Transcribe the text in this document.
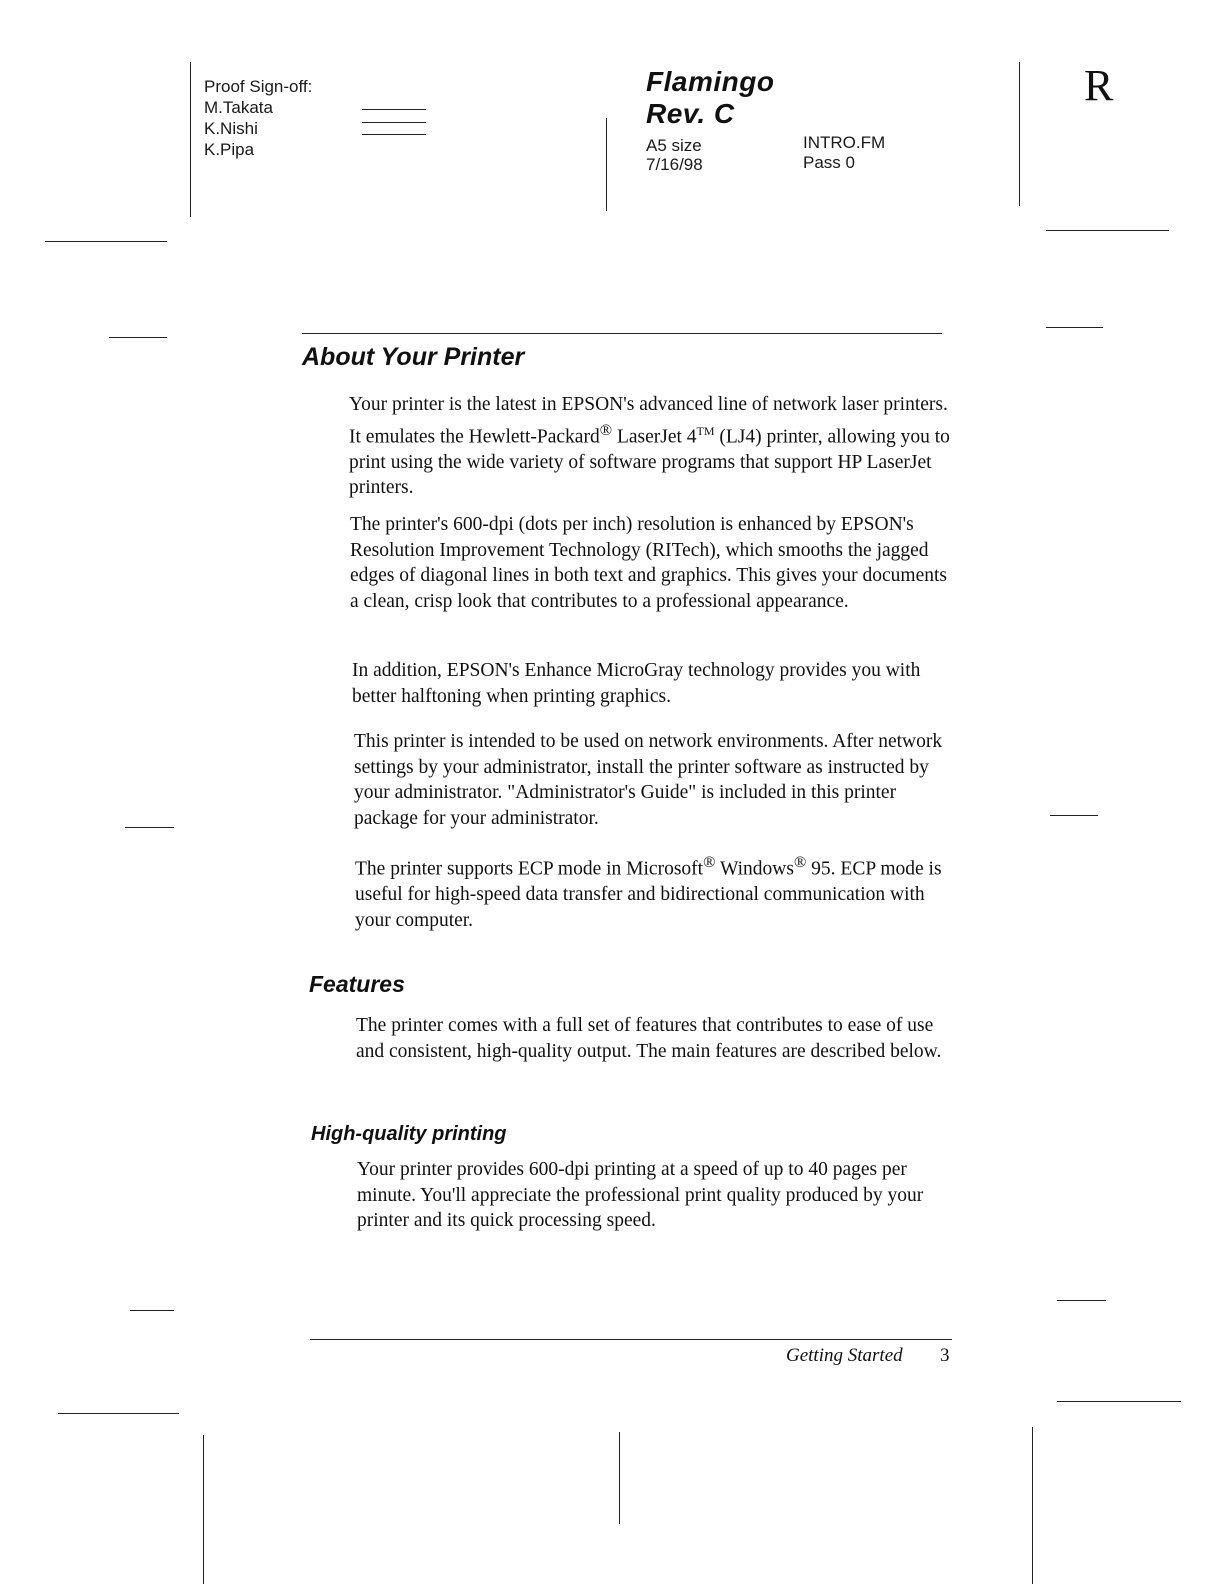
Proof Sign-off:
M.Takata
K.Nishi
K.Pipa
Flamingo
Rev. C
A5 size
7/16/98
INTRO.FM
Pass 0
R
About Your Printer

Your printer is the latest in EPSON's advanced line of network laser printers. It emulates the Hewlett-Packard® LaserJet 4™ (LJ4) printer, allowing you to print using the wide variety of software programs that support HP LaserJet printers.

The printer's 600-dpi (dots per inch) resolution is enhanced by EPSON's Resolution Improvement Technology (RITech), which smooths the jagged edges of diagonal lines in both text and graphics. This gives your documents a clean, crisp look that contributes to a professional appearance.

In addition, EPSON's Enhance MicroGray technology provides you with better halftoning when printing graphics.

This printer is intended to be used on network environments. After network settings by your administrator, install the printer software as instructed by your administrator. "Administrator's Guide" is included in this printer package for your administrator.

The printer supports ECP mode in Microsoft® Windows® 95. ECP mode is useful for high-speed data transfer and bidirectional communication with your computer.

Features

The printer comes with a full set of features that contributes to ease of use and consistent, high-quality output. The main features are described below.

High-quality printing

Your printer provides 600-dpi printing at a speed of up to 40 pages per minute. You'll appreciate the professional print quality produced by your printer and its quick processing speed.

Getting Started 3
